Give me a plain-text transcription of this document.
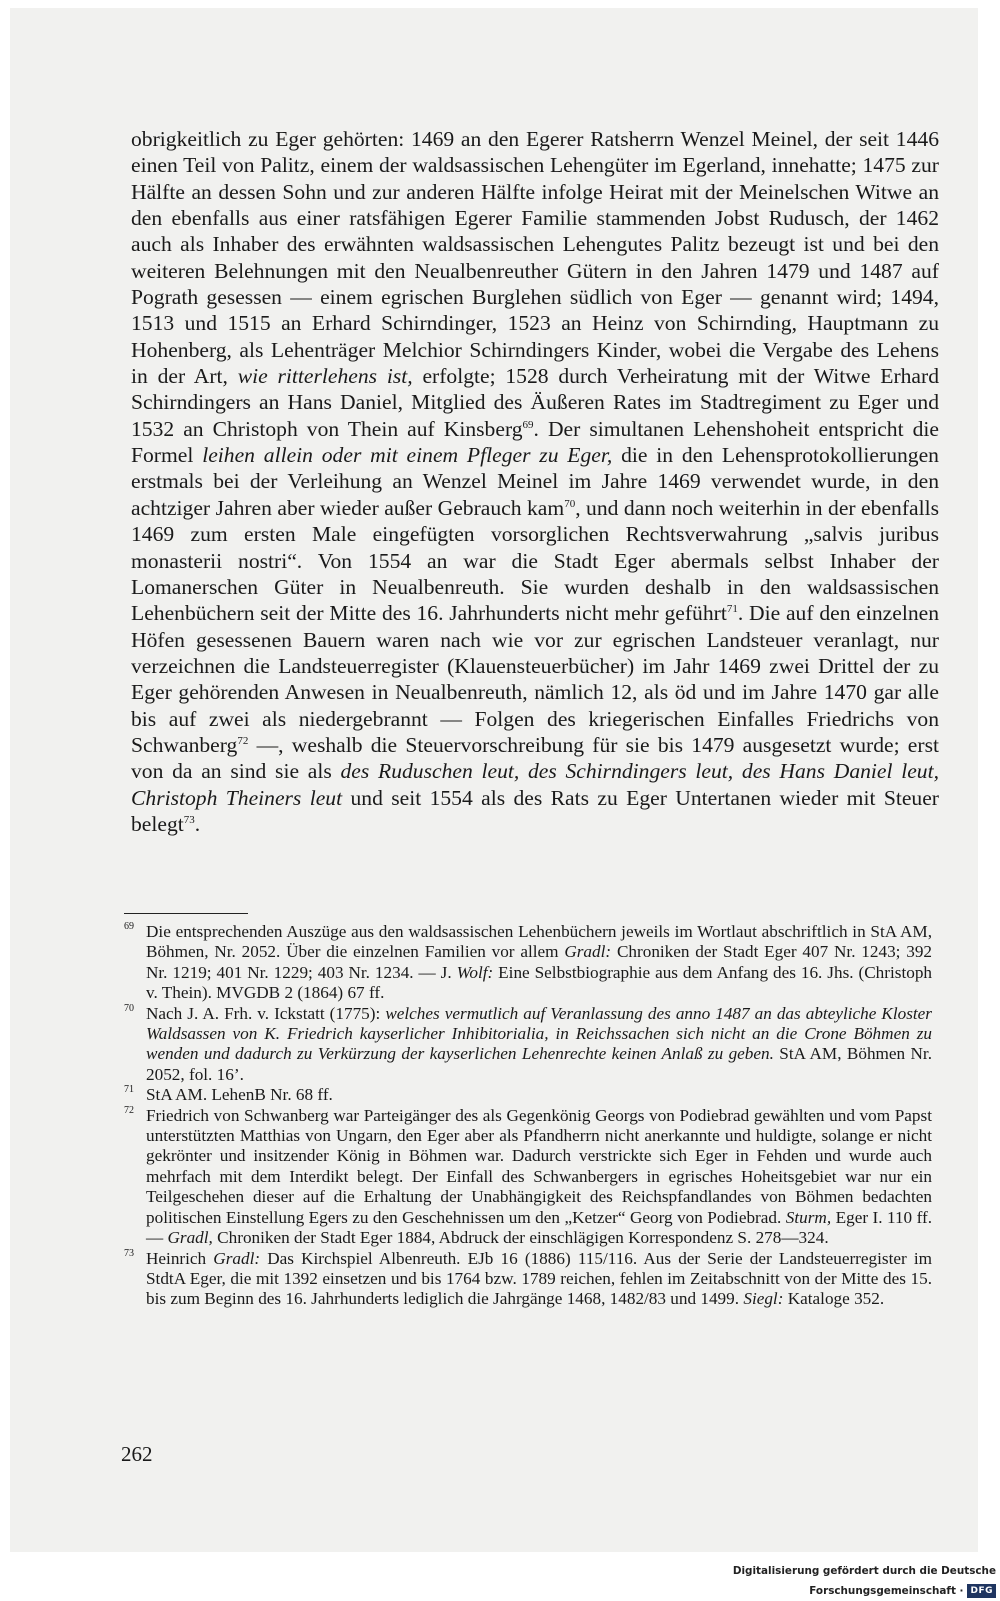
obrigkeitlich zu Eger gehörten: 1469 an den Egerer Ratsherrn Wenzel Meinel, der seit 1446 einen Teil von Palitz, einem der waldsassischen Lehengüter im Egerland, innehatte; 1475 zur Hälfte an dessen Sohn und zur anderen Hälfte infolge Heirat mit der Meinelschen Witwe an den ebenfalls aus einer ratsfähigen Egerer Familie stammenden Jobst Rudusch, der 1462 auch als Inhaber des erwähnten waldsassischen Lehengutes Palitz bezeugt ist und bei den weiteren Belehnungen mit den Neualbenreuther Gütern in den Jahren 1479 und 1487 auf Pograth gesessen — einem egrischen Burglehen südlich von Eger — genannt wird; 1494, 1513 und 1515 an Erhard Schirndinger, 1523 an Heinz von Schirnding, Hauptmann zu Hohenberg, als Lehenträger Melchior Schirndingers Kinder, wobei die Vergabe des Lehens in der Art, wie ritterlehens ist, erfolgte; 1528 durch Verheiratung mit der Witwe Erhard Schirndingers an Hans Daniel, Mitglied des Äußeren Rates im Stadtregiment zu Eger und 1532 an Christoph von Thein auf Kinsberg$^{69}$. Der simultanen Lehenshoheit entspricht die Formel leihen allein oder mit einem Pfleger zu Eger, die in den Lehensprotokollierungen erstmals bei der Verleihung an Wenzel Meinel im Jahre 1469 verwendet wurde, in den achtziger Jahren aber wieder außer Gebrauch kam$^{70}$, und dann noch weiterhin in der ebenfalls 1469 zum ersten Male eingefügten vorsorglichen Rechtsverwahrung „salvis juribus monasterii nostri“. Von 1554 an war die Stadt Eger abermals selbst Inhaber der Lomanerschen Güter in Neualbenreuth. Sie wurden deshalb in den waldsassischen Lehenbüchern seit der Mitte des 16. Jahrhunderts nicht mehr geführt$^{71}$. Die auf den einzelnen Höfen gesessenen Bauern waren nach wie vor zur egrischen Landsteuer veranlagt, nur verzeichnen die Landsteuerregister (Klauensteuerbücher) im Jahr 1469 zwei Drittel der zu Eger gehörenden Anwesen in Neualbenreuth, nämlich 12, als öd und im Jahre 1470 gar alle bis auf zwei als niedergebrannt — Folgen des kriegerischen Einfalles Friedrichs von Schwanberg$^{72}$ —, weshalb die Steuervorschreibung für sie bis 1479 ausgesetzt wurde; erst von da an sind sie als des Ruduschen leut, des Schirndingers leut, des Hans Daniel leut, Christoph Theiners leut und seit 1554 als des Rats zu Eger Untertanen wieder mit Steuer belegt$^{73}$.

69 Die entsprechenden Auszüge aus den waldsassischen Lehenbüchern jeweils im Wortlaut abschriftlich in StA AM, Böhmen, Nr. 2052. Über die einzelnen Familien vor allem Gradl: Chroniken der Stadt Eger 407 Nr. 1243; 392 Nr. 1219; 401 Nr. 1229; 403 Nr. 1234. — J. Wolf: Eine Selbstbiographie aus dem Anfang des 16. Jhs. (Christoph v. Thein). MVGDB 2 (1864) 67 ff.
70 Nach J. A. Frh. v. Ickstatt (1775): welches vermutlich auf Veranlassung des anno 1487 an das abteyliche Kloster Waldsassen von K. Friedrich kayserlicher Inhibitorialia, in Reichssachen sich nicht an die Crone Böhmen zu wenden und dadurch zu Verkürzung der kayserlichen Lehenrechte keinen Anlaß zu geben. StA AM, Böhmen Nr. 2052, fol. 16’.
71 StA AM. LehenB Nr. 68 ff.
72 Friedrich von Schwanberg war Parteigänger des als Gegenkönig Georgs von Podiebrad gewählten und vom Papst unterstützten Matthias von Ungarn, den Eger aber als Pfandherrn nicht anerkannte und huldigte, solange er nicht gekrönter und insitzender König in Böhmen war. Dadurch verstrickte sich Eger in Fehden und wurde auch mehrfach mit dem Interdikt belegt. Der Einfall des Schwanbergers in egrisches Hoheitsgebiet war nur ein Teilgeschehen dieser auf die Erhaltung der Unabhängigkeit des Reichspfandlandes von Böhmen bedachten politischen Einstellung Egers zu den Geschehnissen um den „Ketzer“ Georg von Podiebrad. Sturm, Eger I. 110 ff. — Gradl, Chroniken der Stadt Eger 1884, Abdruck der einschlägigen Korrespondenz S. 278—324.
73 Heinrich Gradl: Das Kirchspiel Albenreuth. EJb 16 (1886) 115/116. Aus der Serie der Landsteuerregister im StdtA Eger, die mit 1392 einsetzen und bis 1764 bzw. 1789 reichen, fehlen im Zeitabschnitt von der Mitte des 15. bis zum Beginn des 16. Jahrhunderts lediglich die Jahrgänge 1468, 1482/83 und 1499. Siegl: Kataloge 352.
262
Digitalisierung gefördert durch die Deutsche Forschungsgemeinschaft · DFG
